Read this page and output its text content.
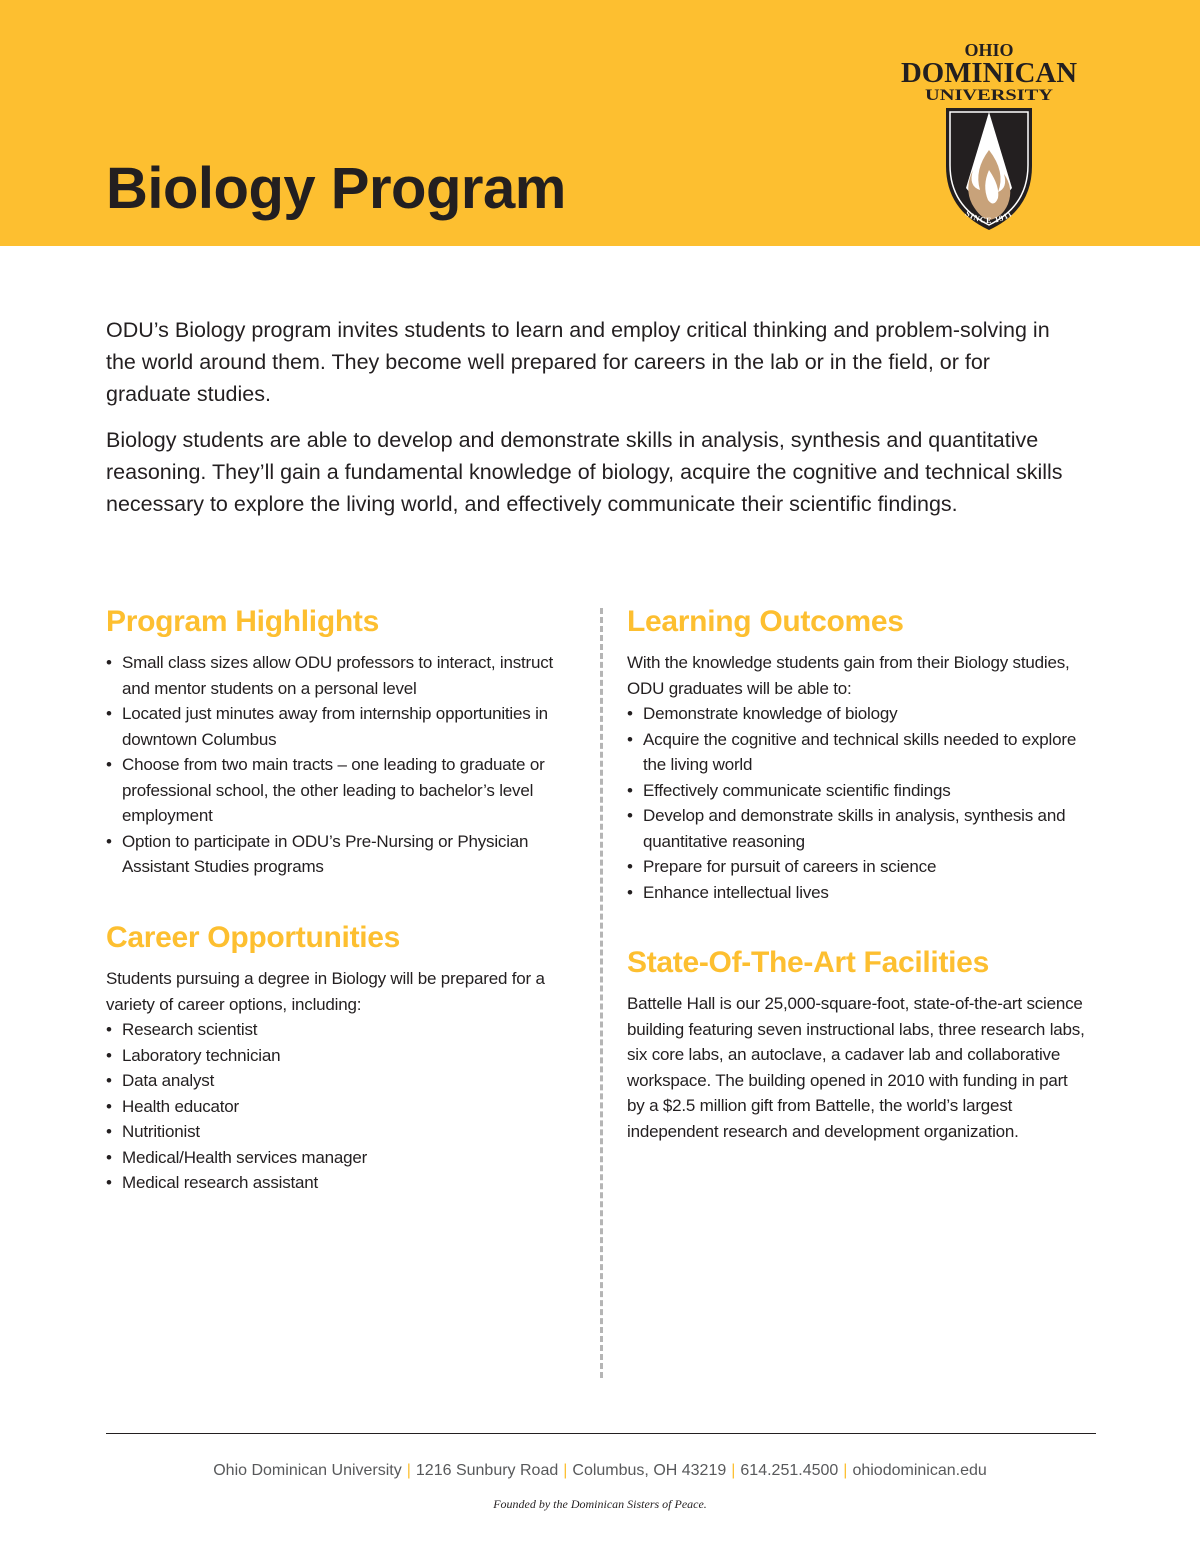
Biology Program
OHIO
DOMINICAN
UNIVERSITY
SINCE 1911

ODU’s Biology program invites students to learn and employ critical thinking and problem-solving in the world around them. They become well prepared for careers in the lab or in the field, or for graduate studies.

Biology students are able to develop and demonstrate skills in analysis, synthesis and quantitative reasoning. They’ll gain a fundamental knowledge of biology, acquire the cognitive and technical skills necessary to explore the living world, and effectively communicate their scientific findings.

Program Highlights
• Small class sizes allow ODU professors to interact, instruct and mentor students on a personal level
• Located just minutes away from internship opportunities in downtown Columbus
• Choose from two main tracts – one leading to graduate or professional school, the other leading to bachelor’s level employment
• Option to participate in ODU’s Pre-Nursing or Physician Assistant Studies programs
Career Opportunities

Students pursuing a degree in Biology will be prepared for a variety of career options, including:

• Research scientist
• Laboratory technician
• Data analyst
• Health educator
• Nutritionist
• Medical/Health services manager
• Medical research assistant
Learning Outcomes

With the knowledge students gain from their Biology studies, ODU graduates will be able to:

• Demonstrate knowledge of biology
• Acquire the cognitive and technical skills needed to explore the living world
• Effectively communicate scientific findings
• Develop and demonstrate skills in analysis, synthesis and quantitative reasoning
• Prepare for pursuit of careers in science
• Enhance intellectual lives
State-Of-The-Art Facilities

Battelle Hall is our 25,000-square-foot, state-of-the-art science building featuring seven instructional labs, three research labs, six core labs, an autoclave, a cadaver lab and collaborative workspace. The building opened in 2010 with funding in part by a $2.5 million gift from Battelle, the world’s largest independent research and development organization.

Ohio Dominican University | 1216 Sunbury Road | Columbus, OH 43219 | 614.251.4500 | ohiodominican.edu
Founded by the Dominican Sisters of Peace.
